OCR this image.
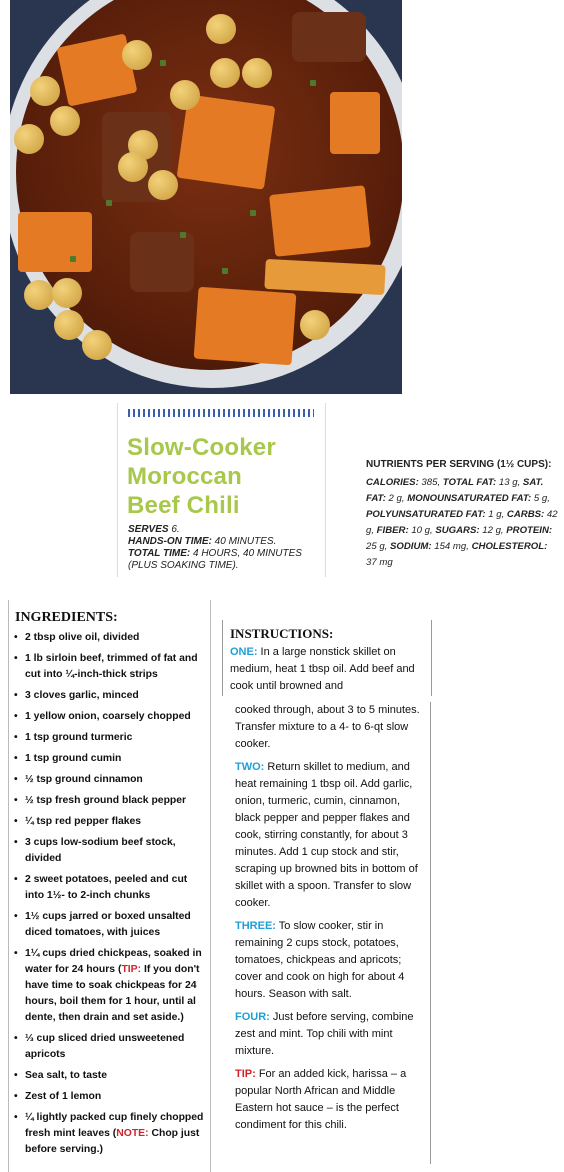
Slow-Cooker
Moroccan
Beef Chili
SERVES 6.
HANDS-ON TIME: 40 MINUTES.
TOTAL TIME: 4 HOURS, 40 MINUTES
(PLUS SOAKING TIME).
NUTRIENTS PER SERVING (1½ CUPS):
CALORIES: 385, TOTAL FAT: 13 g, SAT. FAT: 2 g, MONOUNSATURATED FAT: 5 g, POLYUNSATURATED FAT: 1 g, CARBS: 42 g, FIBER: 10 g, SUGARS: 12 g, PROTEIN: 25 g, SODIUM: 154 mg, CHOLESTEROL: 37 mg
INGREDIENTS:
• 2 tbsp olive oil, divided
• 1 lb sirloin beef, trimmed of fat and cut into ¼-inch-thick strips
• 3 cloves garlic, minced
• 1 yellow onion, coarsely chopped
• 1 tsp ground turmeric
• 1 tsp ground cumin
• ½ tsp ground cinnamon
• ½ tsp fresh ground black pepper
• ¼ tsp red pepper flakes
• 3 cups low-sodium beef stock, divided
• 2 sweet potatoes, peeled and cut into 1½- to 2-inch chunks
• 1½ cups jarred or boxed unsalted diced tomatoes, with juices
• 1¼ cups dried chickpeas, soaked in water for 24 hours (TIP: If you don't have time to soak chickpeas for 24 hours, boil them for 1 hour, until al dente, then drain and set aside.)
• ⅓ cup sliced dried unsweetened apricots
• Sea salt, to taste
• Zest of 1 lemon
• ¼ lightly packed cup finely chopped fresh mint leaves (NOTE: Chop just before serving.)
INSTRUCTIONS:
ONE: In a large nonstick skillet on medium, heat 1 tbsp oil. Add beef and cook until browned and
cooked through, about 3 to 5 minutes. Transfer mixture to a 4- to 6-qt slow cooker.
TWO: Return skillet to medium, and heat remaining 1 tbsp oil. Add garlic, onion, turmeric, cumin, cinnamon, black pepper and pepper flakes and cook, stirring constantly, for about 3 minutes. Add 1 cup stock and stir, scraping up browned bits in bottom of skillet with a spoon. Transfer to slow cooker.
THREE: To slow cooker, stir in remaining 2 cups stock, potatoes, tomatoes, chickpeas and apricots; cover and cook on high for about 4 hours. Season with salt.
FOUR: Just before serving, combine zest and mint. Top chili with mint mixture.
TIP: For an added kick, harissa – a popular North African and Middle Eastern hot sauce – is the perfect condiment for this chili.
